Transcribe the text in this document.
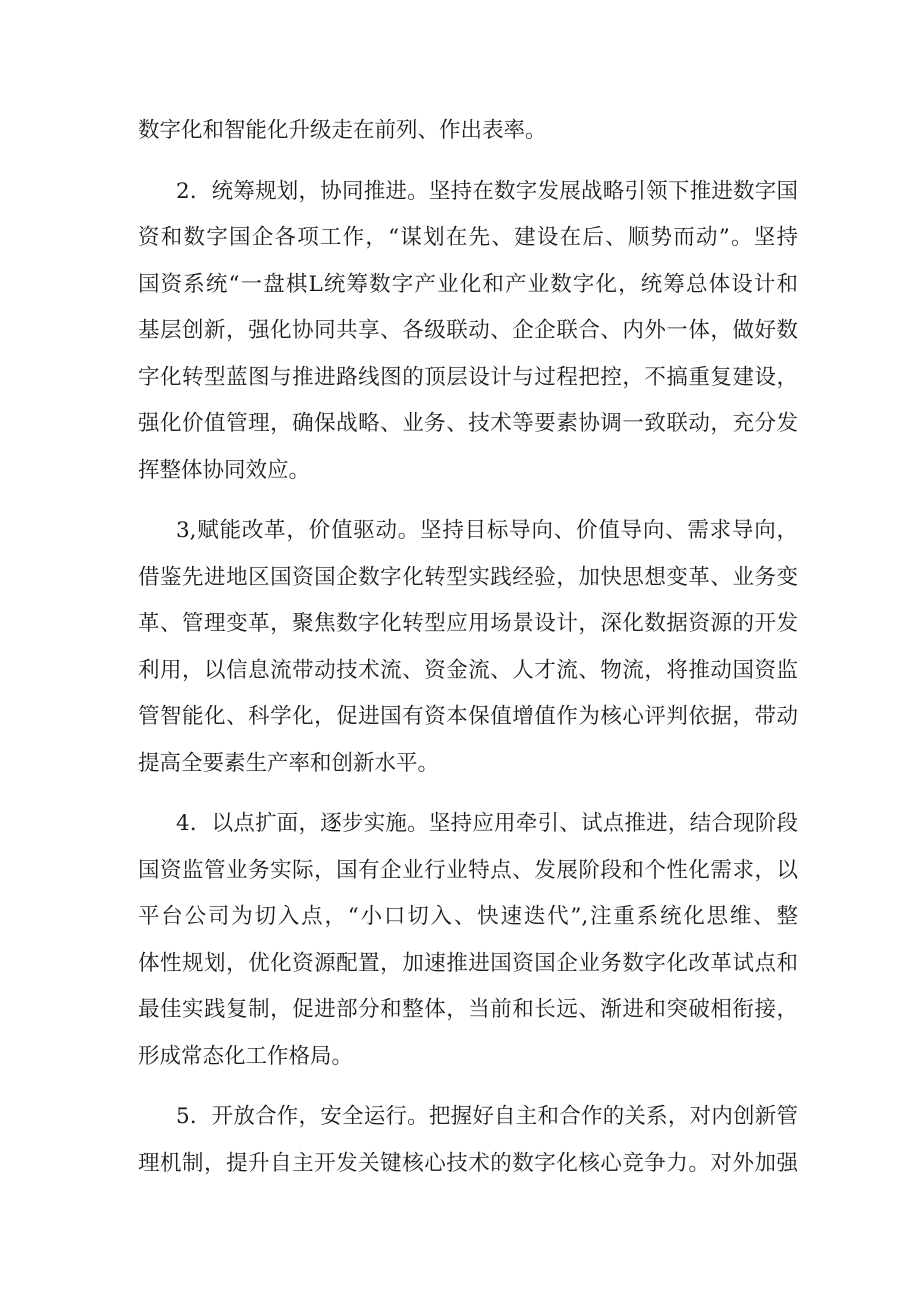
数字化和智能化升级走在前列、作出表率。
2．统筹规划，协同推进。坚持在数字发展战略引领下推进数字国
资和数字国企各项工作，“谋划在先、建设在后、顺势而动”。坚持
国资系统“一盘棋L统筹数字产业化和产业数字化，统筹总体设计和
基层创新，强化协同共享、各级联动、企企联合、内外一体，做好数
字化转型蓝图与推进路线图的顶层设计与过程把控，不搞重复建设，
强化价值管理，确保战略、业务、技术等要素协调一致联动，充分发
挥整体协同效应。
3,赋能改革，价值驱动。坚持目标导向、价值导向、需求导向，
借鉴先进地区国资国企数字化转型实践经验，加快思想变革、业务变
革、管理变革，聚焦数字化转型应用场景设计，深化数据资源的开发
利用，以信息流带动技术流、资金流、人才流、物流，将推动国资监
管智能化、科学化，促进国有资本保值增值作为核心评判依据，带动
提高全要素生产率和创新水平。
4．以点扩面，逐步实施。坚持应用牵引、试点推进，结合现阶段
国资监管业务实际，国有企业行业特点、发展阶段和个性化需求，以
平台公司为切入点，“小口切入、快速迭代”,注重系统化思维、整
体性规划，优化资源配置，加速推进国资国企业务数字化改革试点和
最佳实践复制，促进部分和整体，当前和长远、渐进和突破相衔接，
形成常态化工作格局。
5．开放合作，安全运行。把握好自主和合作的关系，对内创新管
理机制，提升自主开发关键核心技术的数字化核心竞争力。对外加强
